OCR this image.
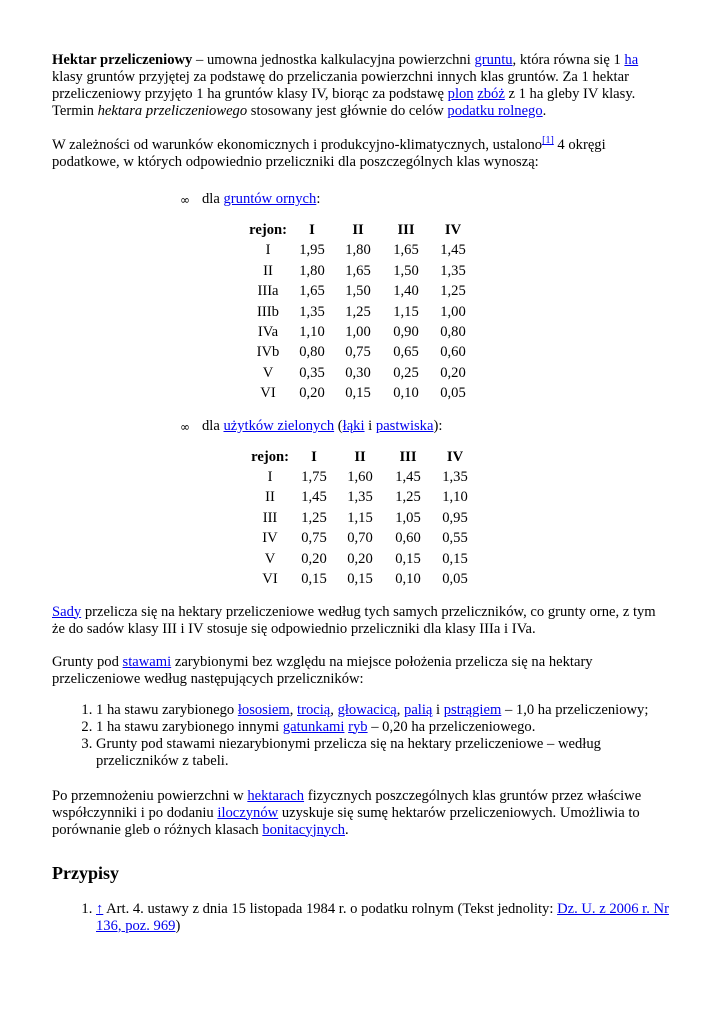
Hektar przeliczeniowy – umowna jednostka kalkulacyjna powierzchni gruntu, która równa się 1 ha klasy gruntów przyjętej za podstawę do przeliczania powierzchni innych klas gruntów. Za 1 hektar przeliczeniowy przyjęto 1 ha gruntów klasy IV, biorąc za podstawę plon zbóż z 1 ha gleby IV klasy. Termin hektara przeliczeniowego stosowany jest głównie do celów podatku rolnego.

W zależności od warunków ekonomicznych i produkcyjno-klimatycznych, ustalono[1] 4 okręgi podatkowe, w których odpowiednio przeliczniki dla poszczególnych klas wynoszą:

∞ dla gruntów ornych:
rejon:	I	II	III	IV
I	1,95	1,80	1,65	1,45
II	1,80	1,65	1,50	1,35
IIIa	1,65	1,50	1,40	1,25
IIIb	1,35	1,25	1,15	1,00
IVa	1,10	1,00	0,90	0,80
IVb	0,80	0,75	0,65	0,60
V	0,35	0,30	0,25	0,20
VI	0,20	0,15	0,10	0,05
∞ dla użytków zielonych (łąki i pastwiska):
rejon:	I	II	III	IV
I	1,75	1,60	1,45	1,35
II	1,45	1,35	1,25	1,10
III	1,25	1,15	1,05	0,95
IV	0,75	0,70	0,60	0,55
V	0,20	0,20	0,15	0,15
VI	0,15	0,15	0,10	0,05

Sady przelicza się na hektary przeliczeniowe według tych samych przeliczników, co grunty orne, z tym że do sadów klasy III i IV stosuje się odpowiednio przeliczniki dla klasy IIIa i IVa.

Grunty pod stawami zarybionymi bez względu na miejsce położenia przelicza się na hektary przeliczeniowe według następujących przeliczników:

1. 1 ha stawu zarybionego łososiem, trocią, głowacicą, palią i pstrągiem – 1,0 ha przeliczeniowy;
2. 1 ha stawu zarybionego innymi gatunkami ryb – 0,20 ha przeliczeniowego.
3. Grunty pod stawami niezarybionymi przelicza się na hektary przeliczeniowe – według przeliczników z tabeli.

Po przemnożeniu powierzchni w hektarach fizycznych poszczególnych klas gruntów przez właściwe współczynniki i po dodaniu iloczynów uzyskuje się sumę hektarów przeliczeniowych. Umożliwia to porównanie gleb o różnych klasach bonitacyjnych.

Przypisy
1. ↑ Art. 4. ustawy z dnia 15 listopada 1984 r. o podatku rolnym (Tekst jednolity: Dz. U. z 2006 r. Nr 136, poz. 969)
